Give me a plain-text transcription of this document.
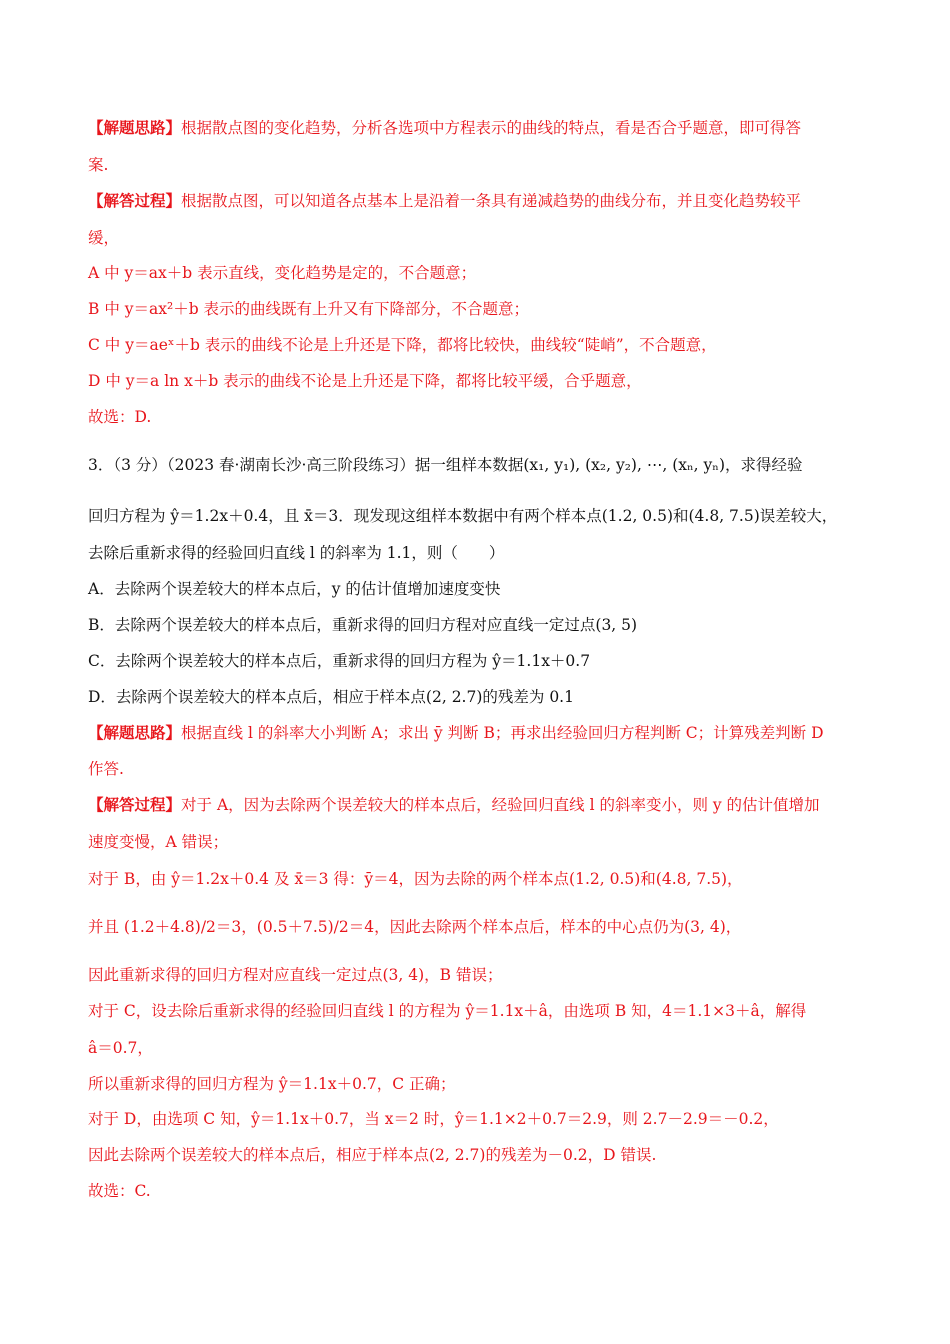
【解题思路】根据散点图的变化趋势，分析各选项中方程表示的曲线的特点，看是否合乎题意，即可得答
案.
【解答过程】根据散点图，可以知道各点基本上是沿着一条具有递减趋势的曲线分布，并且变化趋势较平
缓，
A 中 y＝ax＋b 表示直线，变化趋势是定的，不合题意；
B 中 y＝ax²＋b 表示的曲线既有上升又有下降部分，不合题意；
C 中 y＝aeˣ＋b 表示的曲线不论是上升还是下降，都将比较快，曲线较“陡峭”，不合题意，
D 中 y＝a ln x＋b 表示的曲线不论是上升还是下降，都将比较平缓，合乎题意，
故选：D.
3．（3 分）（2023 春·湖南长沙·高三阶段练习）据一组样本数据(x₁, y₁), (x₂, y₂), ⋯, (xₙ, yₙ)，求得经验
回归方程为 ŷ＝1.2x＋0.4，且 x̄＝3．现发现这组样本数据中有两个样本点(1.2, 0.5)和(4.8, 7.5)误差较大，
去除后重新求得的经验回归直线 l 的斜率为 1.1，则（　　）
A．去除两个误差较大的样本点后，y 的估计值增加速度变快
B．去除两个误差较大的样本点后，重新求得的回归方程对应直线一定过点(3, 5)
C．去除两个误差较大的样本点后，重新求得的回归方程为 ŷ＝1.1x＋0.7
D．去除两个误差较大的样本点后，相应于样本点(2, 2.7)的残差为 0.1
【解题思路】根据直线 l 的斜率大小判断 A；求出 ȳ 判断 B；再求出经验回归方程判断 C；计算残差判断 D
作答.
【解答过程】对于 A，因为去除两个误差较大的样本点后，经验回归直线 l 的斜率变小，则 y 的估计值增加
速度变慢，A 错误；
对于 B，由 ŷ＝1.2x＋0.4 及 x̄＝3 得：ȳ＝4，因为去除的两个样本点(1.2, 0.5)和(4.8, 7.5)，
并且 (1.2＋4.8)/2＝3，(0.5＋7.5)/2＝4，因此去除两个样本点后，样本的中心点仍为(3, 4)，
因此重新求得的回归方程对应直线一定过点(3, 4)，B 错误；
对于 C，设去除后重新求得的经验回归直线 l 的方程为 ŷ＝1.1x＋â，由选项 B 知，4＝1.1×3＋â，解得
â＝0.7，
所以重新求得的回归方程为 ŷ＝1.1x＋0.7，C 正确；
对于 D，由选项 C 知，ŷ＝1.1x＋0.7，当 x＝2 时，ŷ＝1.1×2＋0.7＝2.9，则 2.7－2.9＝－0.2，
因此去除两个误差较大的样本点后，相应于样本点(2, 2.7)的残差为－0.2，D 错误.
故选：C.
